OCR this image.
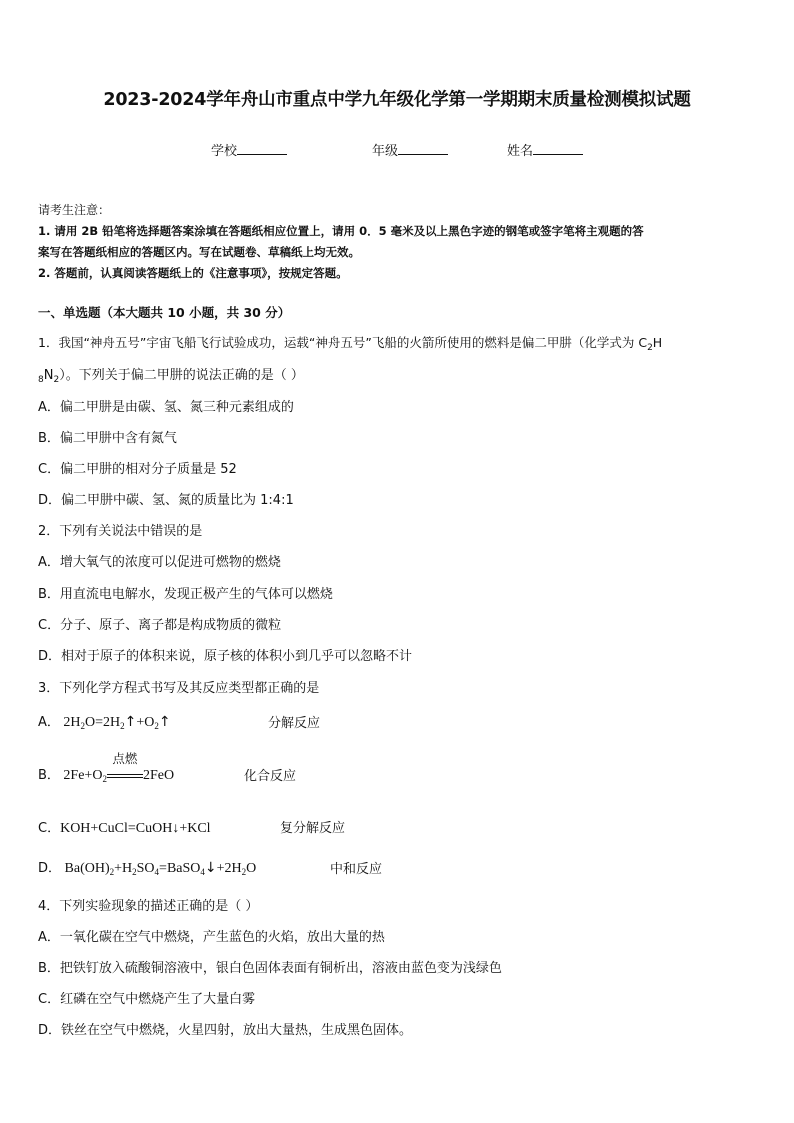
2023-2024学年舟山市重点中学九年级化学第一学期期末质量检测模拟试题
学校	年级	姓名
请考生注意：
1. 请用 2B 铅笔将选择题答案涂填在答题纸相应位置上，请用 0．5 毫米及以上黑色字迹的钢笔或签字笔将主观题的答
案写在答题纸相应的答题区内。写在试题卷、草稿纸上均无效。
2. 答题前，认真阅读答题纸上的《注意事项》，按规定答题。
一、单选题（本大题共 10 小题，共 30 分）
1．我国“神舟五号”宇宙飞船飞行试验成功，运载“神舟五号”飞船的火箭所使用的燃料是偏二甲肼（化学式为 $C_2H$
$_8N_2$）。下列关于偏二甲肼的说法正确的是（ ）
A．偏二甲肼是由碳、氢、氮三种元素组成的
B．偏二甲肼中含有氮气
C．偏二甲肼的相对分子质量是 52
D．偏二甲肼中碳、氢、氮的质量比为 1:4:1
2．下列有关说法中错误的是
A．增大氧气的浓度可以促进可燃物的燃烧
B．用直流电电解水，发现正极产生的气体可以燃烧
C．分子、原子、离子都是构成物质的微粒
D．相对于原子的体积来说，原子核的体积小到几乎可以忽略不计
3．下列化学方程式书写及其反应类型都正确的是
A． $2H_2O=2H_2↑+O_2↑$	分解反应
B． $2Fe+O_2$
点燃
2FeO	化合反应
C．KOH+CuCl=CuOH↓+KCl	复分解反应
D． $Ba(OH)_2+H_2SO_4=BaSO_4↓+2H_2O$	中和反应
4．下列实验现象的描述正确的是（ ）
A．一氧化碳在空气中燃烧，产生蓝色的火焰，放出大量的热
B．把铁钉放入硫酸铜溶液中，银白色固体表面有铜析出，溶液由蓝色变为浅绿色
C．红磷在空气中燃烧产生了大量白雾
D．铁丝在空气中燃烧，火星四射，放出大量热，生成黑色固体。
